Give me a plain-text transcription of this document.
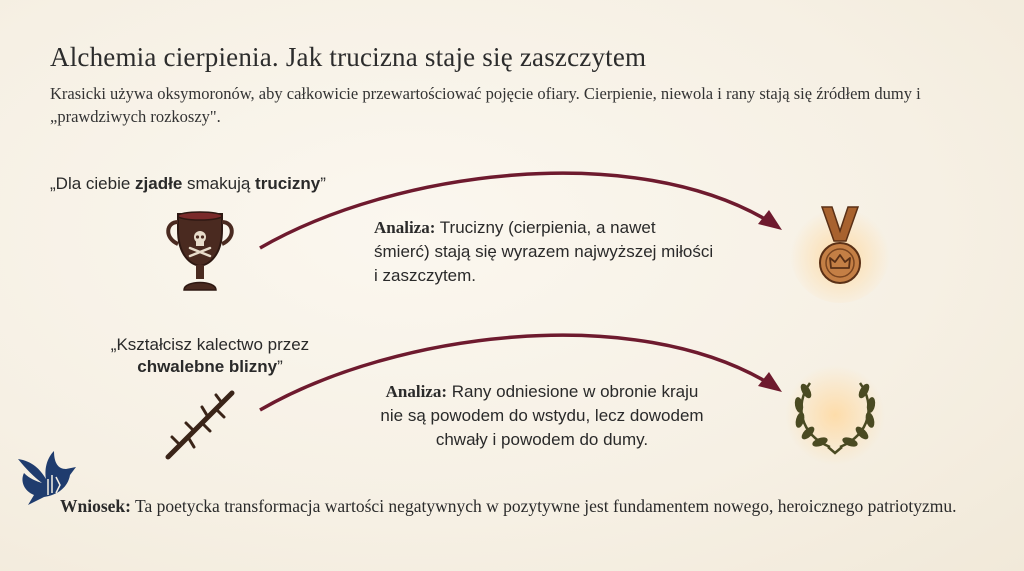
Alchemia cierpienia. Jak trucizna staje się zaszczytem
Krasicki używa oksymoronów, aby całkowicie przewartościować pojęcie ofiary. Cierpienie, niewola i rany stają się źródłem dumy i „prawdziwych rozkoszy".
„Dla ciebie zjadłe smakują trucizny”
Analiza: Trucizny (cierpienia, a nawet śmierć) stają się wyrazem najwyższej miłości i zaszczytem.
„Kształcisz kalectwo przez
chwalebne blizny”
Analiza: Rany odniesione w obronie kraju nie są powodem do wstydu, lecz dowodem chwały i powodem do dumy.
Wniosek: Ta poetycka transformacja wartości negatywnych w pozytywne jest fundamentem nowego, heroicznego patriotyzmu.
